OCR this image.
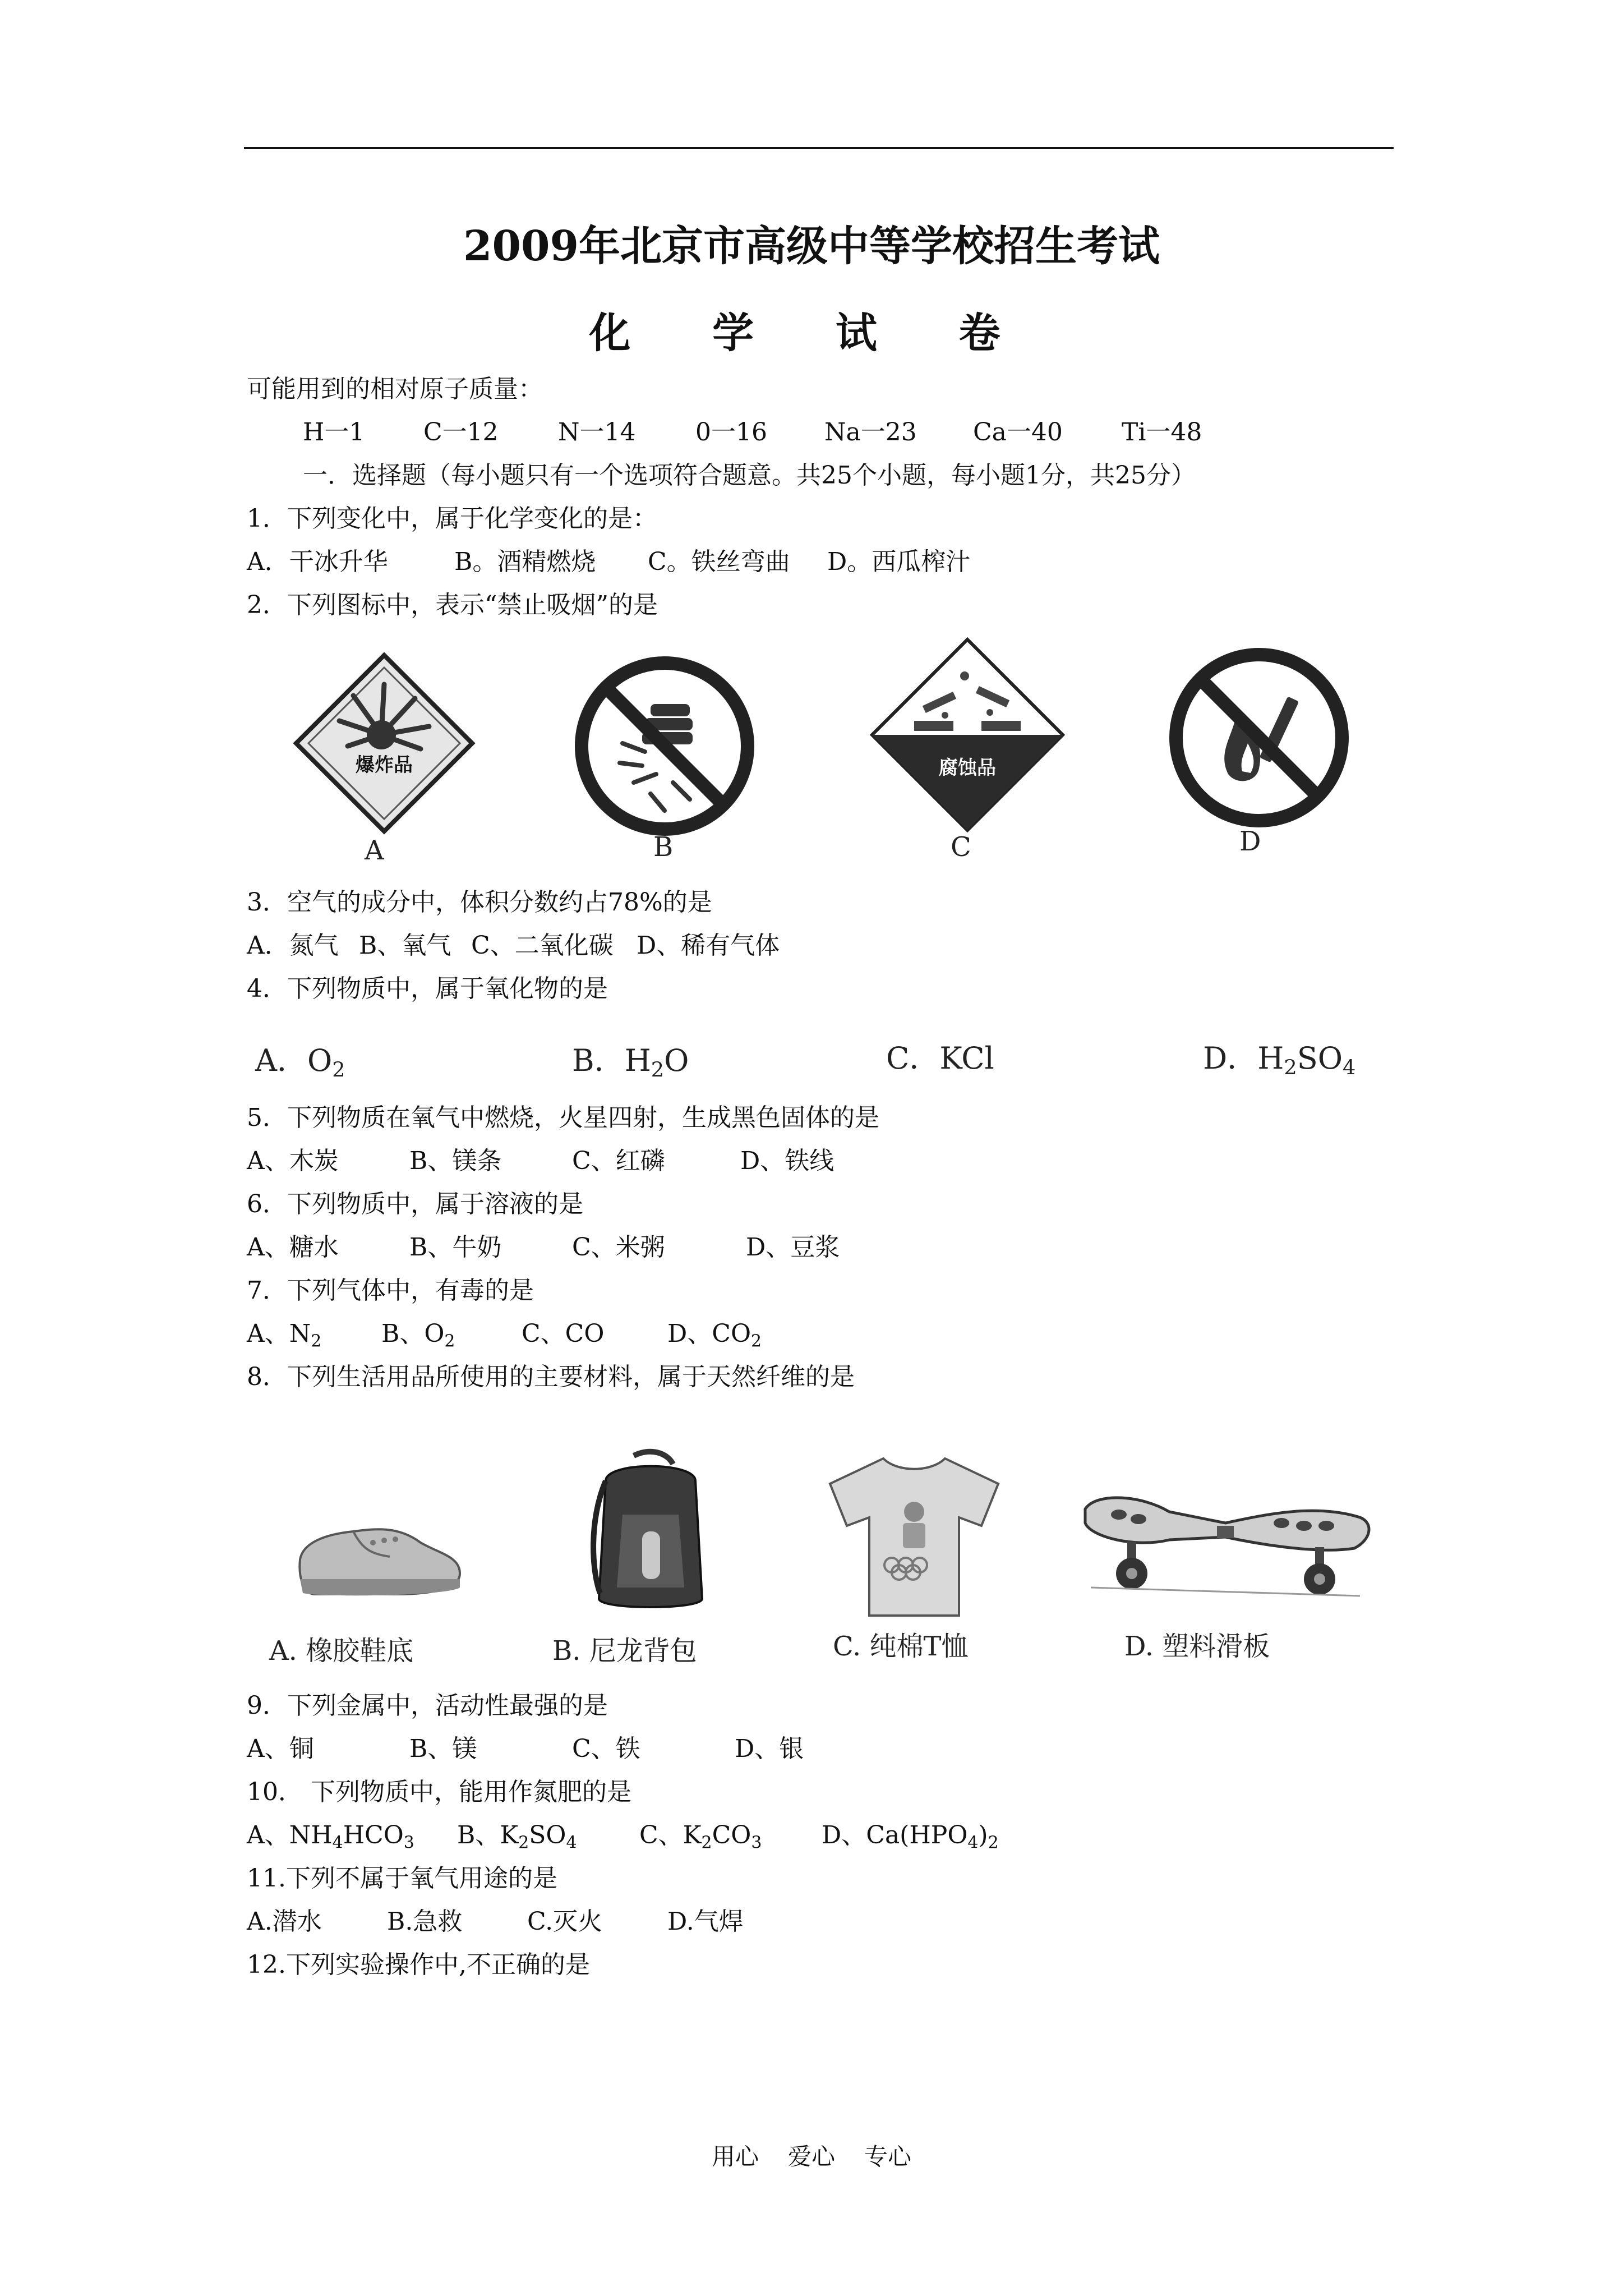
2009年北京市高级中等学校招生考试
化 学 试 卷
可能用到的相对原子质量：
H一1 C一12 N一14 0一16 Na一23 Ca一40 Ti一48
一．选择题（每小题只有一个选项符合题意。共25个小题，每小题1分，共25分）
1．下列变化中，属于化学变化的是：
A．干冰升华	B。酒精燃烧 C。铁丝弯曲 D。西瓜榨汁
2．下列图标中，表示“禁止吸烟”的是
爆炸品
A	B
腐蚀品
C	D
3．空气的成分中，体积分数约占78%的是
A．氮气 B、氧气 C、二氧化碳 D、稀有气体
4．下列物质中，属于氧化物的是
A．$O_2$	B．$H_2O$	C．KCl	D．$H_2SO_4$
5．下列物质在氧气中燃烧，火星四射，生成黑色固体的是
A、木炭	B、镁条	C、红磷	D、铁线
6．下列物质中，属于溶液的是
A、糖水	B、牛奶	C、米粥	D、豆浆
7．下列气体中，有毒的是
A、$N_2$ B、$O_2$	C、CO	D、$CO_2$
8．下列生活用品所使用的主要材料，属于天然纤维的是
A. 橡胶鞋底	B. 尼龙背包	C. 纯棉T恤	D. 塑料滑板
9．下列金属中，活动性最强的是
A、铜	B、镁	C、铁	D、银
10． 下列物质中，能用作氮肥的是
A、$NH_4HCO_3$ B、$K_2SO_4$	C、$K_2CO_3$ D、$Ca(HPO_4)_2$
11.下列不属于氧气用途的是
A.潜水	B.急救	C.灭火	D.气焊
12.下列实验操作中,不正确的是
用心 爱心 专心
